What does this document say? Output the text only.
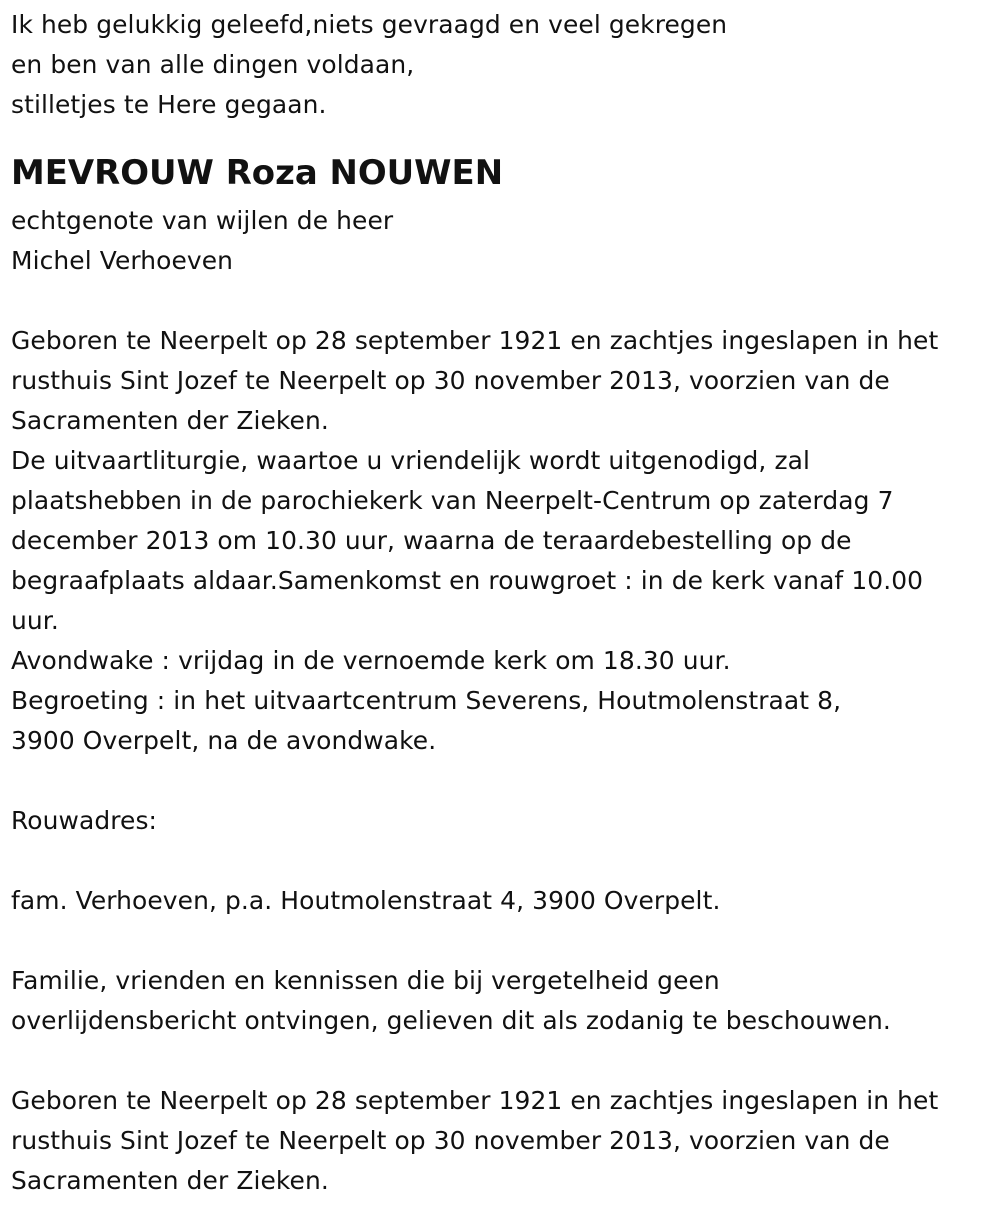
Ik heb gelukkig geleefd,niets gevraagd en veel gekregen
en ben van alle dingen voldaan,
stilletjes te Here gegaan.
MEVROUW Roza NOUWEN
echtgenote van wijlen de heer
Michel Verhoeven
Geboren te Neerpelt op 28 september 1921 en zachtjes ingeslapen in het
rusthuis Sint Jozef te Neerpelt op 30 november 2013, voorzien van de
Sacramenten der Zieken.
De uitvaartliturgie, waartoe u vriendelijk wordt uitgenodigd, zal
plaatshebben in de parochiekerk van Neerpelt-Centrum op zaterdag 7
december 2013 om 10.30 uur, waarna de teraardebestelling op de
begraafplaats aldaar.Samenkomst en rouwgroet : in de kerk vanaf 10.00
uur.
Avondwake : vrijdag in de vernoemde kerk om 18.30 uur.
Begroeting : in het uitvaartcentrum Severens, Houtmolenstraat 8,
3900 Overpelt, na de avondwake.
Rouwadres:
fam. Verhoeven, p.a. Houtmolenstraat 4, 3900 Overpelt.
Familie, vrienden en kennissen die bij vergetelheid geen
overlijdensbericht ontvingen, gelieven dit als zodanig te beschouwen.
Geboren te Neerpelt op 28 september 1921 en zachtjes ingeslapen in het
rusthuis Sint Jozef te Neerpelt op 30 november 2013, voorzien van de
Sacramenten der Zieken.
